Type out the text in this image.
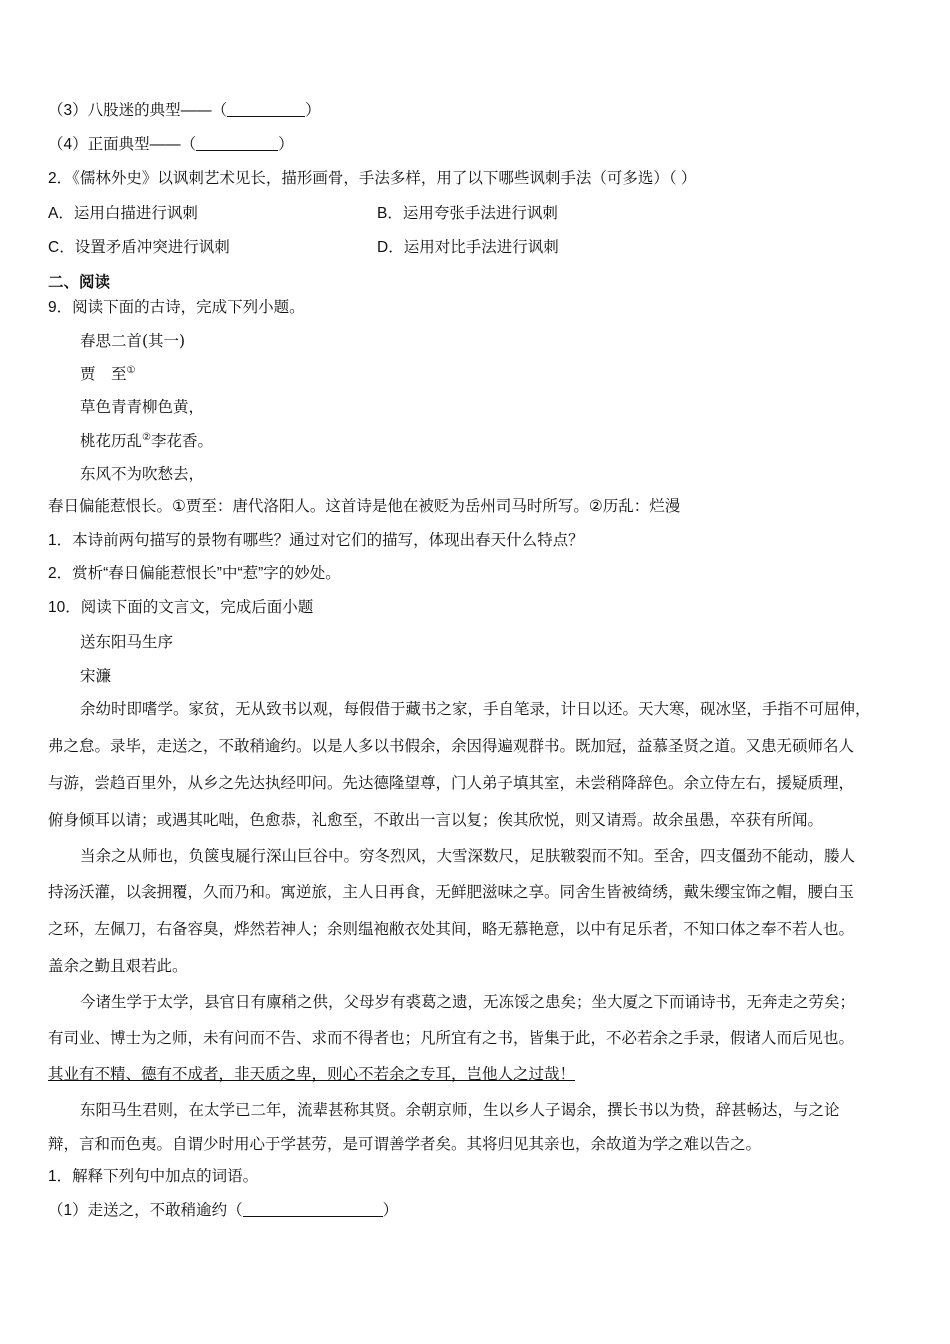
（3）八股迷的典型——（	）
（4）正面典型——（	）
2．《儒林外史》以讽刺艺术见长，描形画骨，手法多样，用了以下哪些讽刺手法（可多选）（ ）
A．运用白描进行讽刺	B．运用夸张手法进行讽刺
C．设置矛盾冲突进行讽刺	D．运用对比手法进行讽刺
二、阅读
9．阅读下面的古诗，完成下列小题。
春思二首(其一)
贾　至①
草色青青柳色黄，
桃花历乱②李花香。
东风不为吹愁去，
春日偏能惹恨长。①贾至：唐代洛阳人。这首诗是他在被贬为岳州司马时所写。②历乱：烂漫
1．本诗前两句描写的景物有哪些？通过对它们的描写，体现出春天什么特点？
2．赏析“春日偏能惹恨长”中“惹”字的妙处。
10．阅读下面的文言文，完成后面小题
送东阳马生序
宋濂
余幼时即嗜学。家贫，无从致书以观，每假借于藏书之家，手自笔录，计日以还。天大寒，砚冰坚，手指不可屈伸，
弗之怠。录毕，走送之，不敢稍逾约。以是人多以书假余，余因得遍观群书。既加冠，益慕圣贤之道。又患无硕师名人
与游，尝趋百里外，从乡之先达执经叩问。先达德隆望尊，门人弟子填其室，未尝稍降辞色。余立侍左右，援疑质理，
俯身倾耳以请；或遇其叱咄，色愈恭，礼愈至，不敢出一言以复；俟其欣悦，则又请焉。故余虽愚，卒获有所闻。
当余之从师也，负箧曳屣行深山巨谷中。穷冬烈风，大雪深数尺，足肤皲裂而不知。至舍，四支僵劲不能动，媵人
持汤沃灌，以衾拥覆，久而乃和。寓逆旅，主人日再食，无鲜肥滋味之享。同舍生皆被绮绣，戴朱缨宝饰之帽，腰白玉
之环，左佩刀，右备容臭，烨然若神人；余则缊袍敝衣处其间，略无慕艳意，以中有足乐者，不知口体之奉不若人也。
盖余之勤且艰若此。
今诸生学于太学，县官日有廪稍之供，父母岁有裘葛之遗，无冻馁之患矣；坐大厦之下而诵诗书，无奔走之劳矣；
有司业、博士为之师，未有问而不告、求而不得者也；凡所宜有之书，皆集于此，不必若余之手录，假诸人而后见也。
其业有不精、德有不成者，非天质之卑，则心不若余之专耳，岂他人之过哉！
东阳马生君则，在太学已二年，流辈甚称其贤。余朝京师，生以乡人子谒余，撰长书以为贽，辞甚畅达，与之论
辩，言和而色夷。自谓少时用心于学甚劳，是可谓善学者矣。其将归见其亲也，余故道为学之难以告之。
1．解释下列句中加点的词语。
（1）走送之，不敢稍逾约（	）
